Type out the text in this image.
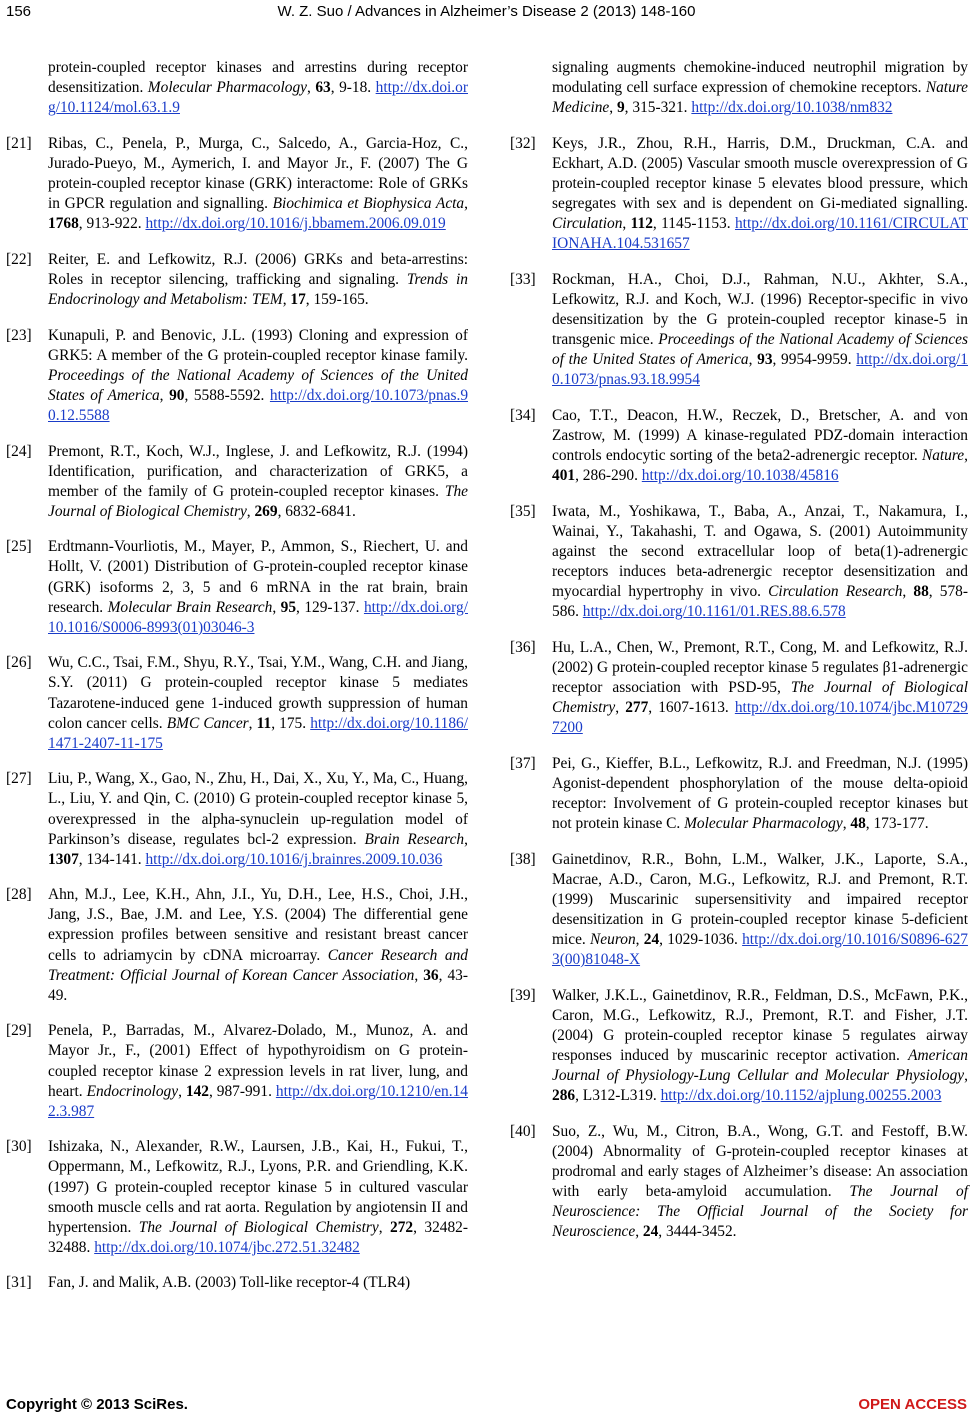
156	W. Z. Suo / Advances in Alzheimer’s Disease 2 (2013) 148-160
protein-coupled receptor kinases and arrestins during receptor desensitization. Molecular Pharmacology, 63, 9-18. http://dx.doi.org/10.1124/mol.63.1.9
[21] Ribas, C., Penela, P., Murga, C., Salcedo, A., Garcia-Hoz, C., Jurado-Pueyo, M., Aymerich, I. and Mayor Jr., F. (2007) The G protein-coupled receptor kinase (GRK) interactome: Role of GRKs in GPCR regulation and signalling. Biochimica et Biophysica Acta, 1768, 913-922. http://dx.doi.org/10.1016/j.bbamem.2006.09.019
[22] Reiter, E. and Lefkowitz, R.J. (2006) GRKs and beta-arrestins: Roles in receptor silencing, trafficking and signaling. Trends in Endocrinology and Metabolism: TEM, 17, 159-165.
[23] Kunapuli, P. and Benovic, J.L. (1993) Cloning and expression of GRK5: A member of the G protein-coupled receptor kinase family. Proceedings of the National Academy of Sciences of the United States of America, 90, 5588-5592. http://dx.doi.org/10.1073/pnas.90.12.5588
[24] Premont, R.T., Koch, W.J., Inglese, J. and Lefkowitz, R.J. (1994) Identification, purification, and characterization of GRK5, a member of the family of G protein-coupled receptor kinases. The Journal of Biological Chemistry, 269, 6832-6841.
[25] Erdtmann-Vourliotis, M., Mayer, P., Ammon, S., Riechert, U. and Hollt, V. (2001) Distribution of G-protein-coupled receptor kinase (GRK) isoforms 2, 3, 5 and 6 mRNA in the rat brain, brain research. Molecular Brain Research, 95, 129-137. http://dx.doi.org/10.1016/S0006-8993(01)03046-3
[26] Wu, C.C., Tsai, F.M., Shyu, R.Y., Tsai, Y.M., Wang, C.H. and Jiang, S.Y. (2011) G protein-coupled receptor kinase 5 mediates Tazarotene-induced gene 1-induced growth suppression of human colon cancer cells. BMC Cancer, 11, 175. http://dx.doi.org/10.1186/1471-2407-11-175
[27] Liu, P., Wang, X., Gao, N., Zhu, H., Dai, X., Xu, Y., Ma, C., Huang, L., Liu, Y. and Qin, C. (2010) G protein-coupled receptor kinase 5, overexpressed in the alpha-synuclein up-regulation model of Parkinson’s disease, regulates bcl-2 expression. Brain Research, 1307, 134-141. http://dx.doi.org/10.1016/j.brainres.2009.10.036
[28] Ahn, M.J., Lee, K.H., Ahn, J.I., Yu, D.H., Lee, H.S., Choi, J.H., Jang, J.S., Bae, J.M. and Lee, Y.S. (2004) The differential gene expression profiles between sensitive and resistant breast cancer cells to adriamycin by cDNA microarray. Cancer Research and Treatment: Official Journal of Korean Cancer Association, 36, 43-49.
[29] Penela, P., Barradas, M., Alvarez-Dolado, M., Munoz, A. and Mayor Jr., F., (2001) Effect of hypothyroidism on G protein-coupled receptor kinase 2 expression levels in rat liver, lung, and heart. Endocrinology, 142, 987-991. http://dx.doi.org/10.1210/en.142.3.987
[30] Ishizaka, N., Alexander, R.W., Laursen, J.B., Kai, H., Fukui, T., Oppermann, M., Lefkowitz, R.J., Lyons, P.R. and Griendling, K.K. (1997) G protein-coupled receptor kinase 5 in cultured vascular smooth muscle cells and rat aorta. Regulation by angiotensin II and hypertension. The Journal of Biological Chemistry, 272, 32482-32488. http://dx.doi.org/10.1074/jbc.272.51.32482
[31] Fan, J. and Malik, A.B. (2003) Toll-like receptor-4 (TLR4)
signaling augments chemokine-induced neutrophil migration by modulating cell surface expression of chemokine receptors. Nature Medicine, 9, 315-321. http://dx.doi.org/10.1038/nm832
[32] Keys, J.R., Zhou, R.H., Harris, D.M., Druckman, C.A. and Eckhart, A.D. (2005) Vascular smooth muscle overexpression of G protein-coupled receptor kinase 5 elevates blood pressure, which segregates with sex and is dependent on Gi-mediated signalling. Circulation, 112, 1145-1153. http://dx.doi.org/10.1161/CIRCULATIONAHA.104.531657
[33] Rockman, H.A., Choi, D.J., Rahman, N.U., Akhter, S.A., Lefkowitz, R.J. and Koch, W.J. (1996) Receptor-specific in vivo desensitization by the G protein-coupled receptor kinase-5 in transgenic mice. Proceedings of the National Academy of Sciences of the United States of America, 93, 9954-9959. http://dx.doi.org/10.1073/pnas.93.18.9954
[34] Cao, T.T., Deacon, H.W., Reczek, D., Bretscher, A. and von Zastrow, M. (1999) A kinase-regulated PDZ-domain interaction controls endocytic sorting of the beta2-adrenergic receptor. Nature, 401, 286-290. http://dx.doi.org/10.1038/45816
[35] Iwata, M., Yoshikawa, T., Baba, A., Anzai, T., Nakamura, I., Wainai, Y., Takahashi, T. and Ogawa, S. (2001) Autoimmunity against the second extracellular loop of beta(1)-adrenergic receptors induces beta-adrenergic receptor desensitization and myocardial hypertrophy in vivo. Circulation Research, 88, 578-586. http://dx.doi.org/10.1161/01.RES.88.6.578
[36] Hu, L.A., Chen, W., Premont, R.T., Cong, M. and Lefkowitz, R.J. (2002) G protein-coupled receptor kinase 5 regulates β1-adrenergic receptor association with PSD-95, The Journal of Biological Chemistry, 277, 1607-1613. http://dx.doi.org/10.1074/jbc.M107297200
[37] Pei, G., Kieffer, B.L., Lefkowitz, R.J. and Freedman, N.J. (1995) Agonist-dependent phosphorylation of the mouse delta-opioid receptor: Involvement of G protein-coupled receptor kinases but not protein kinase C. Molecular Pharmacology, 48, 173-177.
[38] Gainetdinov, R.R., Bohn, L.M., Walker, J.K., Laporte, S.A., Macrae, A.D., Caron, M.G., Lefkowitz, R.J. and Premont, R.T. (1999) Muscarinic supersensitivity and impaired receptor desensitization in G protein-coupled receptor kinase 5-deficient mice. Neuron, 24, 1029-1036. http://dx.doi.org/10.1016/S0896-6273(00)81048-X
[39] Walker, J.K.L., Gainetdinov, R.R., Feldman, D.S., McFawn, P.K., Caron, M.G., Lefkowitz, R.J., Premont, R.T. and Fisher, J.T. (2004) G protein-coupled receptor kinase 5 regulates airway responses induced by muscarinic receptor activation. American Journal of Physiology-Lung Cellular and Molecular Physiology, 286, L312-L319. http://dx.doi.org/10.1152/ajplung.00255.2003
[40] Suo, Z., Wu, M., Citron, B.A., Wong, G.T. and Festoff, B.W. (2004) Abnormality of G-protein-coupled receptor kinases at prodromal and early stages of Alzheimer’s disease: An association with early beta-amyloid accumulation. The Journal of Neuroscience: The Official Journal of the Society for Neuroscience, 24, 3444-3452.
Copyright © 2013 SciRes.	OPEN ACCESS
